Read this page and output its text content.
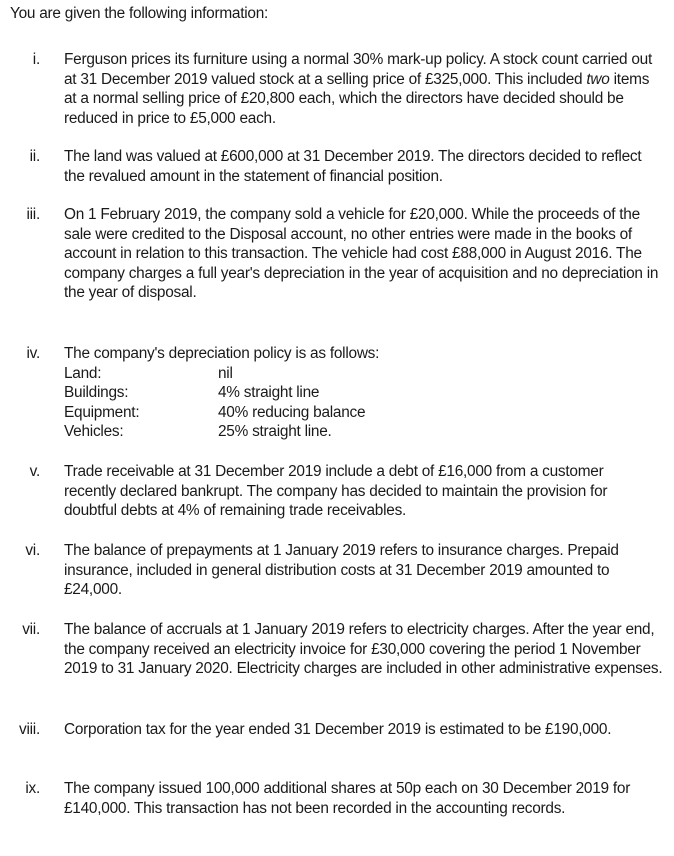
You are given the following information:

i. Ferguson prices its furniture using a normal 30% mark-up policy. A stock count carried out at 31 December 2019 valued stock at a selling price of £325,000. This included two items at a normal selling price of £20,800 each, which the directors have decided should be reduced in price to £5,000 each.
ii. The land was valued at £600,000 at 31 December 2019. The directors decided to reflect the revalued amount in the statement of financial position.
iii. On 1 February 2019, the company sold a vehicle for £20,000. While the proceeds of the sale were credited to the Disposal account, no other entries were made in the books of account in relation to this transaction. The vehicle had cost £88,000 in August 2016. The company charges a full year's depreciation in the year of acquisition and no depreciation in the year of disposal.
iv. The company's depreciation policy is as follows:
Land:	nil
Buildings:	4% straight line
Equipment:	40% reducing balance
Vehicles:	25% straight line.
v. Trade receivable at 31 December 2019 include a debt of £16,000 from a customer recently declared bankrupt. The company has decided to maintain the provision for doubtful debts at 4% of remaining trade receivables.
vi. The balance of prepayments at 1 January 2019 refers to insurance charges. Prepaid insurance, included in general distribution costs at 31 December 2019 amounted to £24,000.
vii. The balance of accruals at 1 January 2019 refers to electricity charges. After the year end, the company received an electricity invoice for £30,000 covering the period 1 November 2019 to 31 January 2020. Electricity charges are included in other administrative expenses.
viii. Corporation tax for the year ended 31 December 2019 is estimated to be £190,000.
ix. The company issued 100,000 additional shares at 50p each on 30 December 2019 for £140,000. This transaction has not been recorded in the accounting records.
